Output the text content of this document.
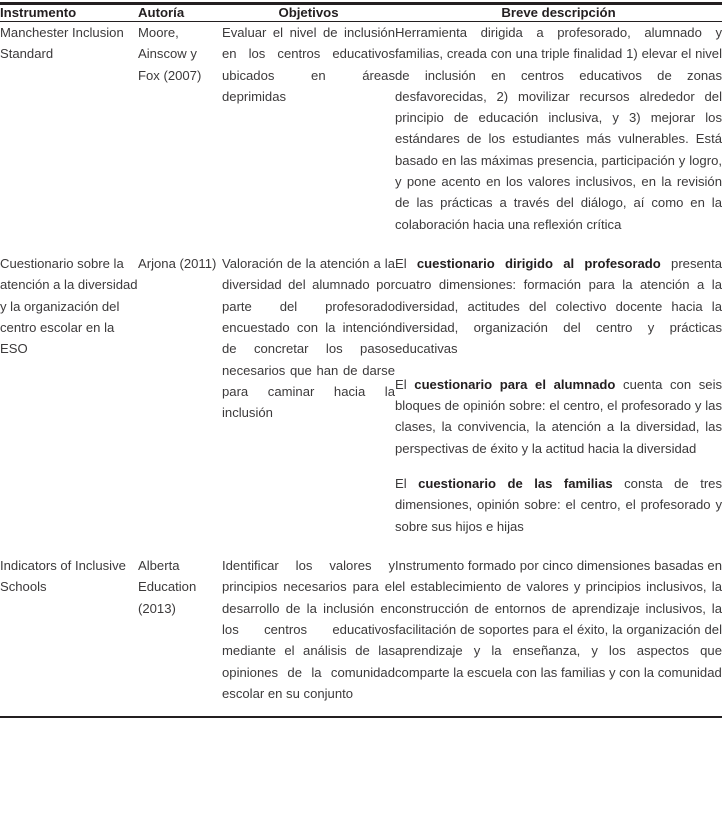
Instrumento	Autoría	Objetivos	Breve descripción
Manchester Inclusion Standard	Moore, Ainscow y Fox (2007)	Evaluar el nivel de inclusión en los centros educativos ubicados en áreas deprimidas	Herramienta dirigida a profesorado, alumnado y familias, creada con una triple finalidad 1) elevar el nivel de inclusión en centros educativos de zonas desfavorecidas, 2) movilizar recursos alrededor del principio de educación inclusiva, y 3) mejorar los estándares de los estudiantes más vulnerables. Está basado en las máximas presencia, participación y logro, y pone acento en los valores inclusivos, en la revisión de las prácticas a través del diálogo, aí como en la colaboración hacia una reflexión crítica

Cuestionario sobre la atención a la diversidad y la organización del centro escolar en la ESO	Arjona (2011)	Valoración de la atención a la diversidad del alumnado por parte del profesorado encuestado con la intención de concretar los pasos necesarios que han de darse para caminar hacia la inclusión	El cuestionario dirigido al profesorado presenta cuatro dimensiones: formación para la atención a la diversidad, actitudes del colectivo docente hacia la diversidad, organización del centro y prácticas educativas
El cuestionario para el alumnado cuenta con seis bloques de opinión sobre: el centro, el profesorado y las clases, la convivencia, la atención a la diversidad, las perspectivas de éxito y la actitud hacia la diversidad
El cuestionario de las familias consta de tres dimensiones, opinión sobre: el centro, el profesorado y sobre sus hijos e hijas

Indicators of Inclusive Schools	Alberta Education (2013)	Identificar los valores y principios necesarios para el desarrollo de la inclusión en los centros educativos mediante el análisis de las opiniones de la comunidad escolar en su conjunto	Instrumento formado por cinco dimensiones basadas en el establecimiento de valores y principios inclusivos, la construcción de entornos de aprendizaje inclusivos, la facilitación de soportes para el éxito, la organización del aprendizaje y la enseñanza, y los aspectos que comparte la escuela con las familias y con la comunidad
